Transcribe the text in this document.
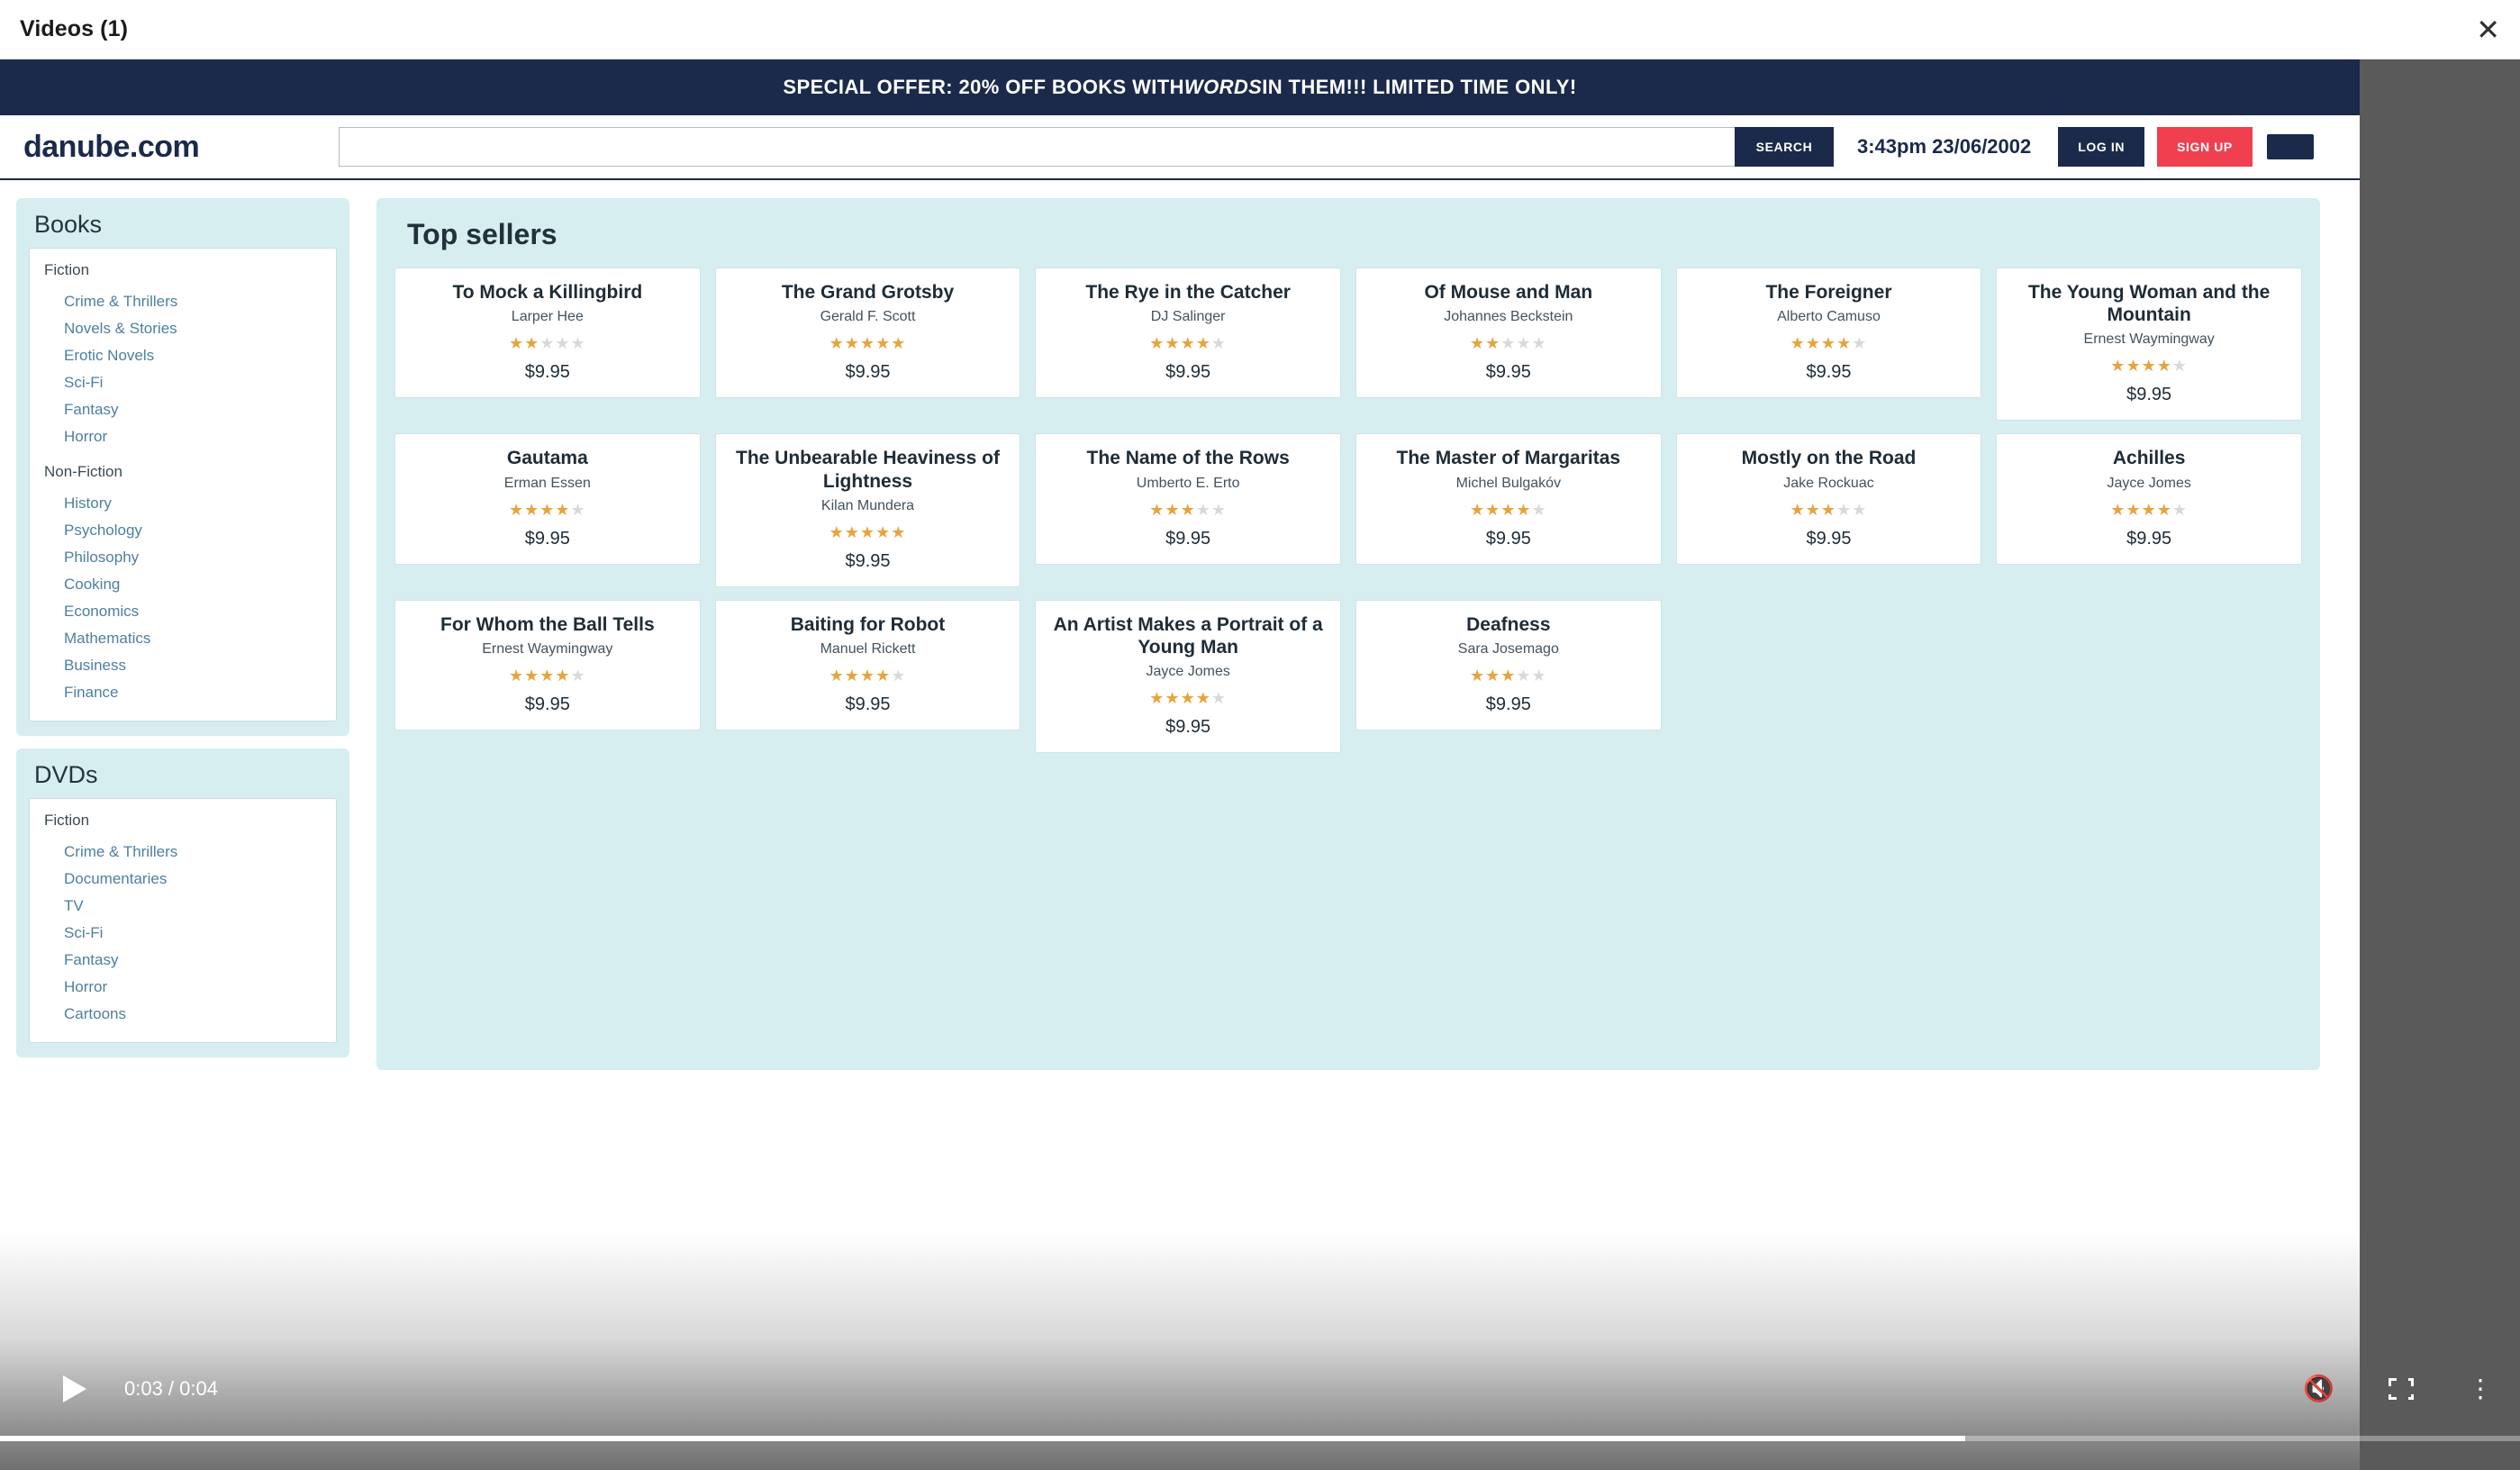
Videos (1)	✕
SPECIAL OFFER: 20% OFF BOOKS WITH WORDS IN THEM!!! LIMITED TIME ONLY!
danube.com	SEARCH	3:43pm 23/06/2002	LOG IN	SIGN UP
Books
Fiction
Crime & Thrillers
Novels & Stories
Erotic Novels
Sci-Fi
Fantasy
Horror
Non-Fiction
History
Psychology
Philosophy
Cooking
Economics
Mathematics
Business
Finance
DVDs
Fiction
Crime & Thrillers
Documentaries
TV
Sci-Fi
Fantasy
Horror
Cartoons
Top sellers
To Mock a Killingbird
Larper Hee
★★★★★
$9.95
The Grand Grotsby
Gerald F. Scott
★★★★★
$9.95
The Rye in the Catcher
DJ Salinger
★★★★★
$9.95
Of Mouse and Man
Johannes Beckstein
★★★★★
$9.95
The Foreigner
Alberto Camuso
★★★★★
$9.95
The Young Woman and the Mountain
Ernest Waymingway
★★★★★
$9.95
Gautama
Erman Essen
★★★★★
$9.95
The Unbearable Heaviness of Lightness
Kilan Mundera
★★★★★
$9.95
The Name of the Rows
Umberto E. Erto
★★★★★
$9.95
The Master of Margaritas
Michel Bulgakóv
★★★★★
$9.95
Mostly on the Road
Jake Rockuac
★★★★★
$9.95
Achilles
Jayce Jomes
★★★★★
$9.95
For Whom the Ball Tells
Ernest Waymingway
★★★★★
$9.95
Baiting for Robot
Manuel Rickett
★★★★★
$9.95
An Artist Makes a Portrait of a Young Man
Jayce Jomes
★★★★★
$9.95
Deafness
Sara Josemago
★★★★★
$9.95
0:03 / 0:04	🔇	⋮
